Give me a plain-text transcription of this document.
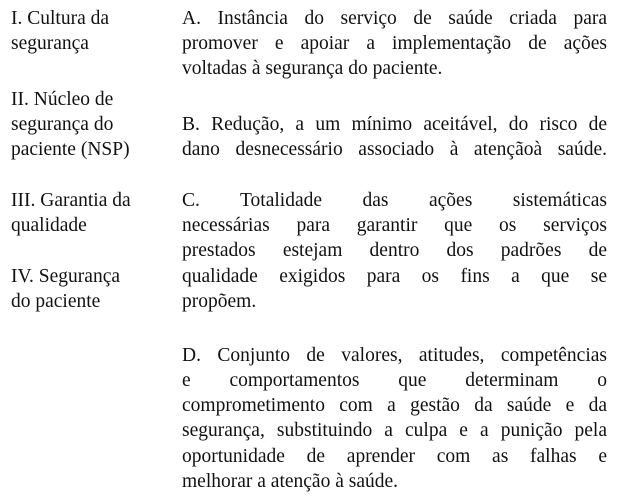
I. Cultura da
segurança
II. Núcleo de
segurança do
paciente (NSP)
III. Garantia da
qualidade
IV. Segurança
do paciente
A. Instância do serviço de saúde criada para
promover e apoiar a implementação de ações
voltadas à segurança do paciente.
B. Redução, a um mínimo aceitável, do risco de
dano desnecessário associado à atençãoà saúde.
C. Totalidade das ações sistemáticas
necessárias para garantir que os serviços
prestados estejam dentro dos padrões de
qualidade exigidos para os fins a que se
propõem.
D. Conjunto de valores, atitudes, competências
e comportamentos que determinam o
comprometimento com a gestão da saúde e da
segurança, substituindo a culpa e a punição pela
oportunidade de aprender com as falhas e
melhorar a atenção à saúde.
